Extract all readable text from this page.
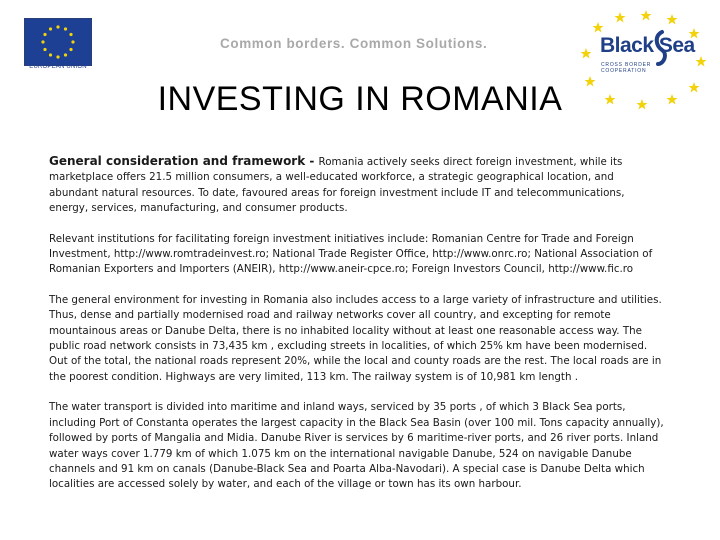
EUROPEAN UNION
Common borders. Common Solutions.	Black Sea
CROSS BORDER COOPERATION
INVESTING IN ROMANIA

General consideration and framework - Romania actively seeks direct foreign investment, while its marketplace offers 21.5 million consumers, a well-educated workforce, a strategic geographical location, and abundant natural resources. To date, favoured areas for foreign investment include IT and telecommunications, energy, services, manufacturing, and consumer products.

Relevant institutions for facilitating foreign investment initiatives include: Romanian Centre for Trade and Foreign Investment, http://www.romtradeinvest.ro; National Trade Register Office, http://www.onrc.ro; National Association of Romanian Exporters and Importers (ANEIR), http://www.aneir-cpce.ro; Foreign Investors Council, http://www.fic.ro

The general environment for investing in Romania also includes access to a large variety of infrastructure and utilities. Thus, dense and partially modernised road and railway networks cover all country, and excepting for remote mountainous areas or Danube Delta, there is no inhabited locality without at least one reasonable access way. The public road network consists in 73,435 km , excluding streets in localities, of which 25% km have been modernised. Out of the total, the national roads represent 20%, while the local and county roads are the rest. The local roads are in the poorest condition. Highways are very limited, 113 km. The railway system is of 10,981 km length .

The water transport is divided into maritime and inland ways, serviced by 35 ports , of which 3 Black Sea ports, including Port of Constanta operates the largest capacity in the Black Sea Basin (over 100 mil. Tons capacity annually), followed by ports of Mangalia and Midia. Danube River is services by 6 maritime-river ports, and 26 river ports. Inland water ways cover 1.779 km of which 1.075 km on the international navigable Danube, 524 on navigable Danube channels and 91 km on canals (Danube-Black Sea and Poarta Alba-Navodari). A special case is Danube Delta which localities are accessed solely by water, and each of the village or town has its own harbour.
